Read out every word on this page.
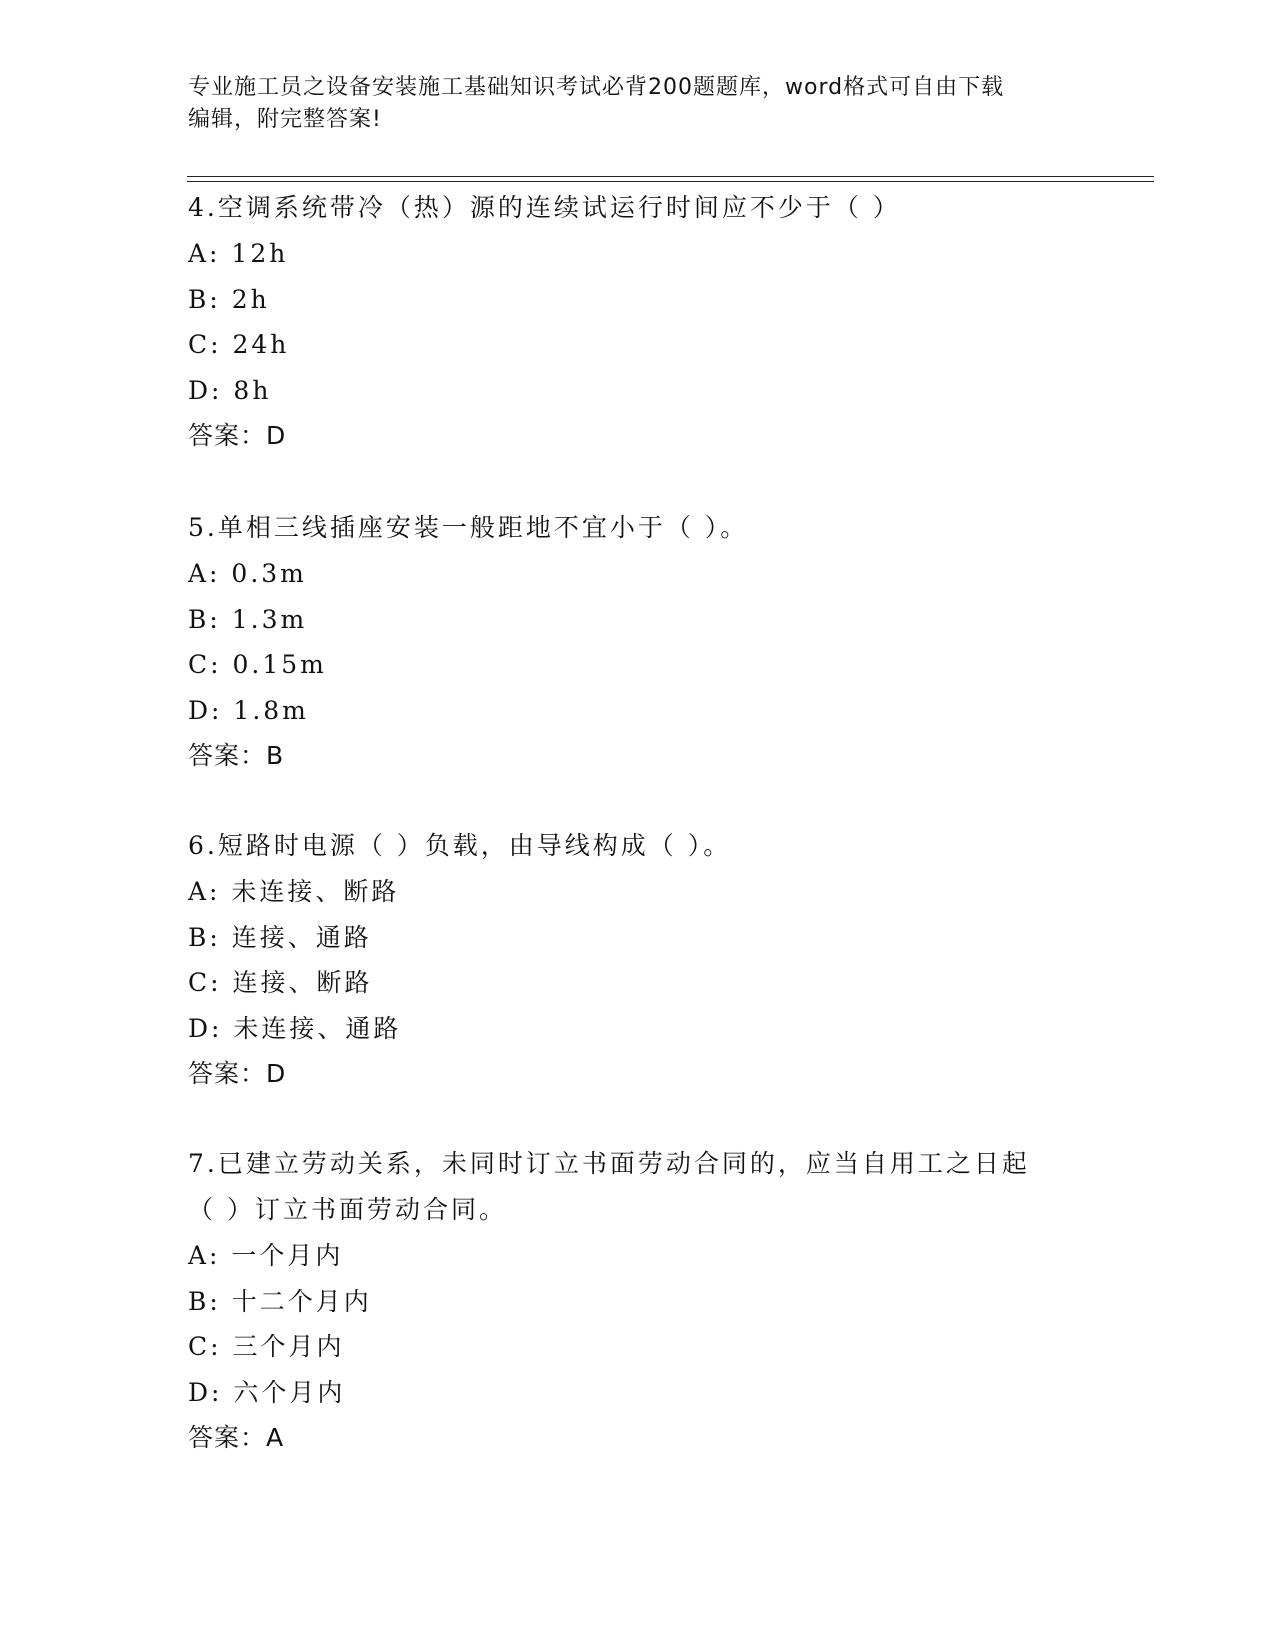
专业施工员之设备安装施工基础知识考试必背200题题库，word格式可自由下载
编辑，附完整答案!
4.空调系统带冷（热）源的连续试运行时间应不少于（ ）
A: 12h
B: 2h
C: 24h
D: 8h
答案：D
5.单相三线插座安装一般距地不宜小于（ ）。
A: 0.3m
B: 1.3m
C: 0.15m
D: 1.8m
答案：B
6.短路时电源（ ）负载，由导线构成（ ）。
A: 未连接、断路
B: 连接、通路
C: 连接、断路
D: 未连接、通路
答案：D
7.已建立劳动关系，未同时订立书面劳动合同的，应当自用工之日起
（ ）订立书面劳动合同。
A: 一个月内
B: 十二个月内
C: 三个月内
D: 六个月内
答案：A
